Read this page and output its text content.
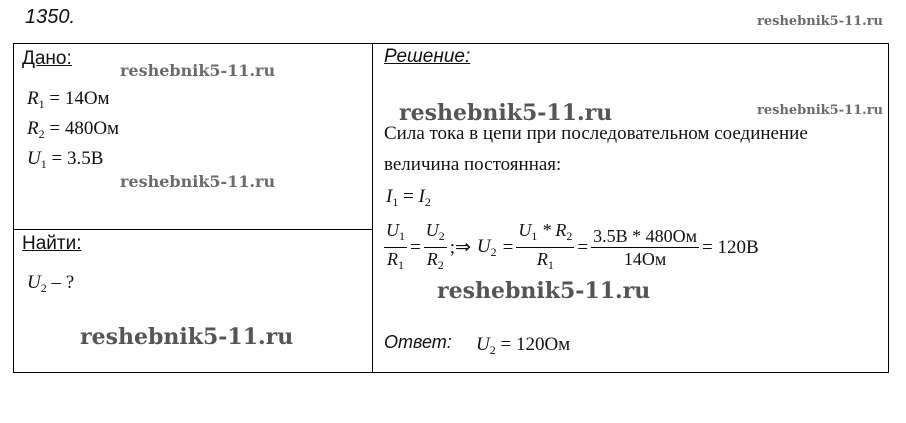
1350.	reshebnik5-11.ru
Дано:
reshebnik5-11.ru
$R_1 = 14Ом$
$R_2 = 480Ом$
$U_1 = 3.5В$
reshebnik5-11.ru
Найти:
$U_2$ – ?
reshebnik5-11.ru
Решение:
reshebnik5-11.ru	reshebnik5-11.ru
Сила тока в цепи при последовательном соединение
величина постоянная:
$I_1 = I_2$
$\frac{U_1}{R_1} = \frac{U_2}{R_2}$ ;⇒ $U_2 = \frac{U_1 * R_2}{R_1} = \frac{3.5В * 480Ом}{14Ом} = 120В$
reshebnik5-11.ru
Ответ: $U_2 = 120Ом$
